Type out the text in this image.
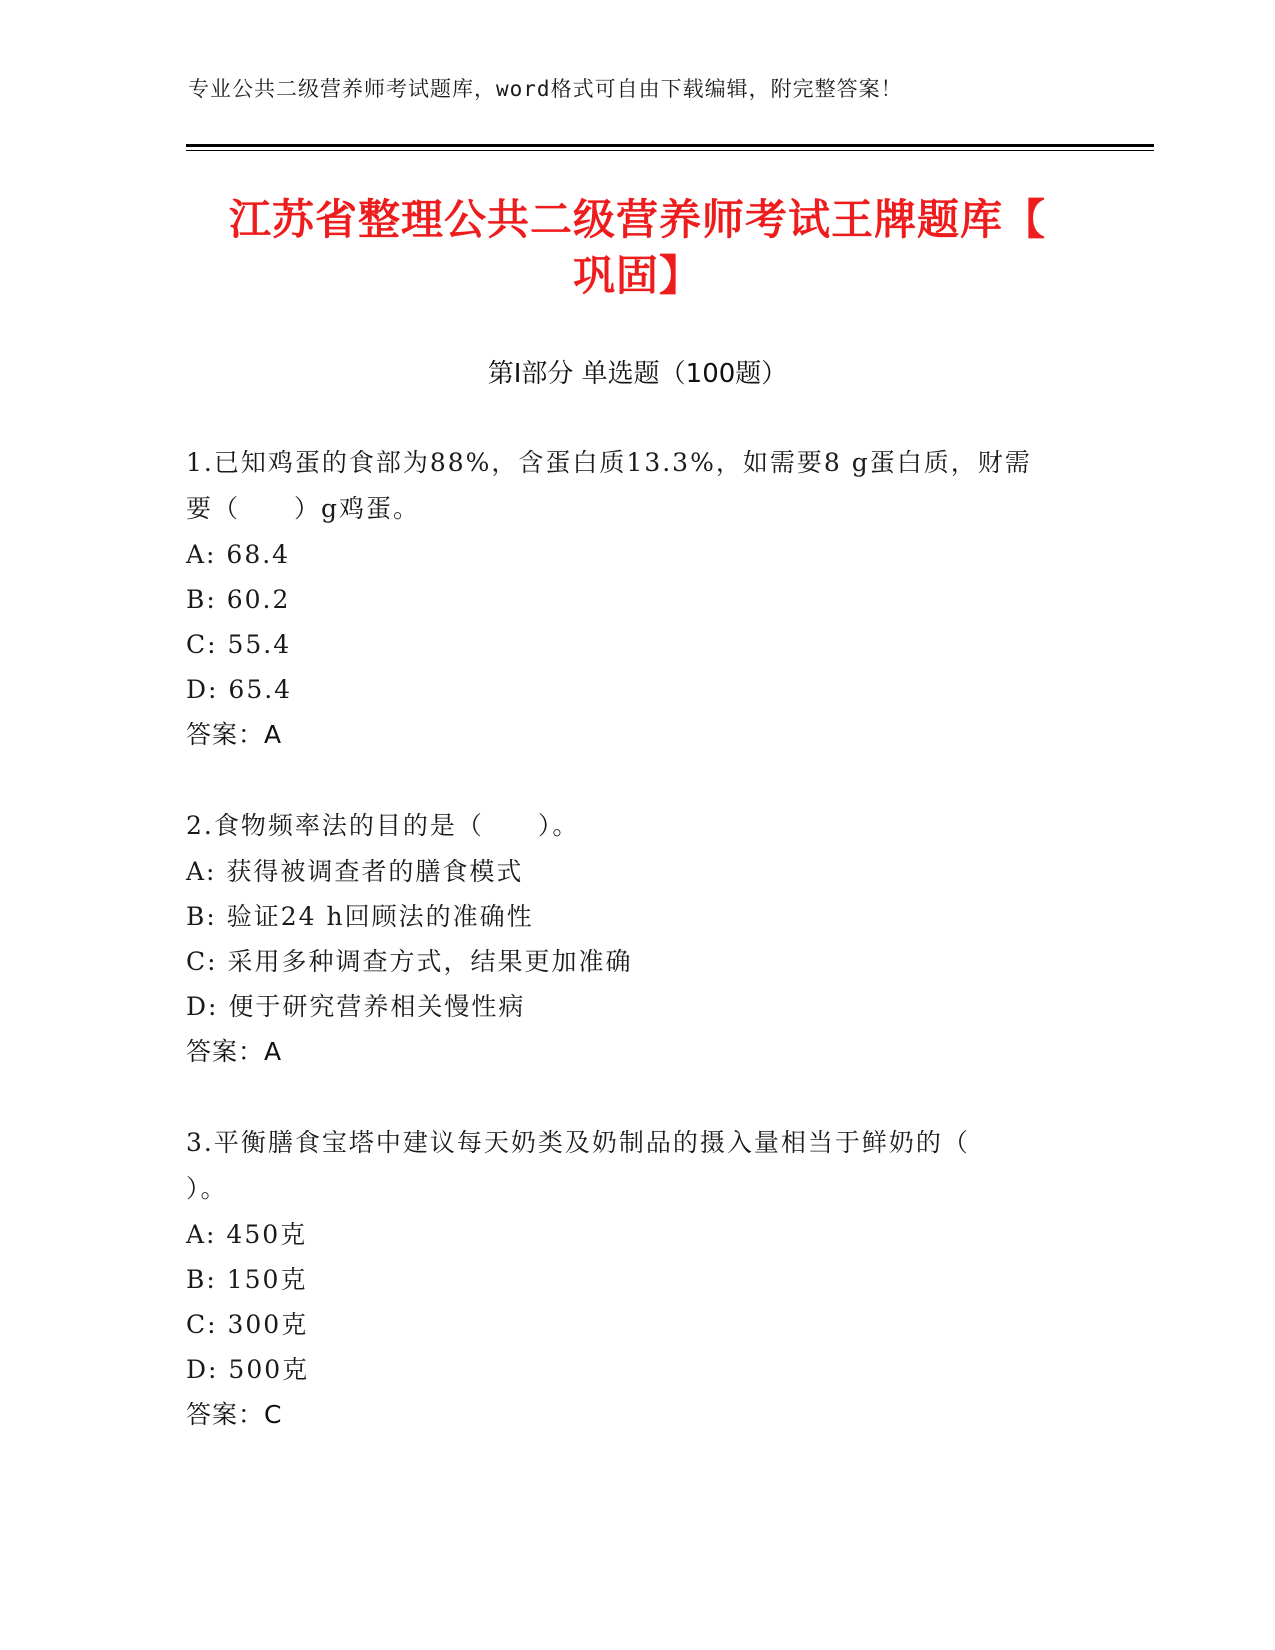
专业公共二级营养师考试题库，word格式可自由下载编辑，附完整答案！
江苏省整理公共二级营养师考试王牌题库【
巩固】
第Ⅰ部分 单选题（100题）

1.已知鸡蛋的食部为88%，含蛋白质13.3%，如需要8 g蛋白质，财需

要（　　）g鸡蛋。

A: 68.4

B: 60.2

C: 55.4

D: 65.4

答案：A

2.食物频率法的目的是（　　）。

A: 获得被调查者的膳食模式

B: 验证24 h回顾法的准确性

C: 采用多种调查方式，结果更加准确

D: 便于研究营养相关慢性病

答案：A

3.平衡膳食宝塔中建议每天奶类及奶制品的摄入量相当于鲜奶的（

）。

A: 450克

B: 150克

C: 300克

D: 500克

答案：C
